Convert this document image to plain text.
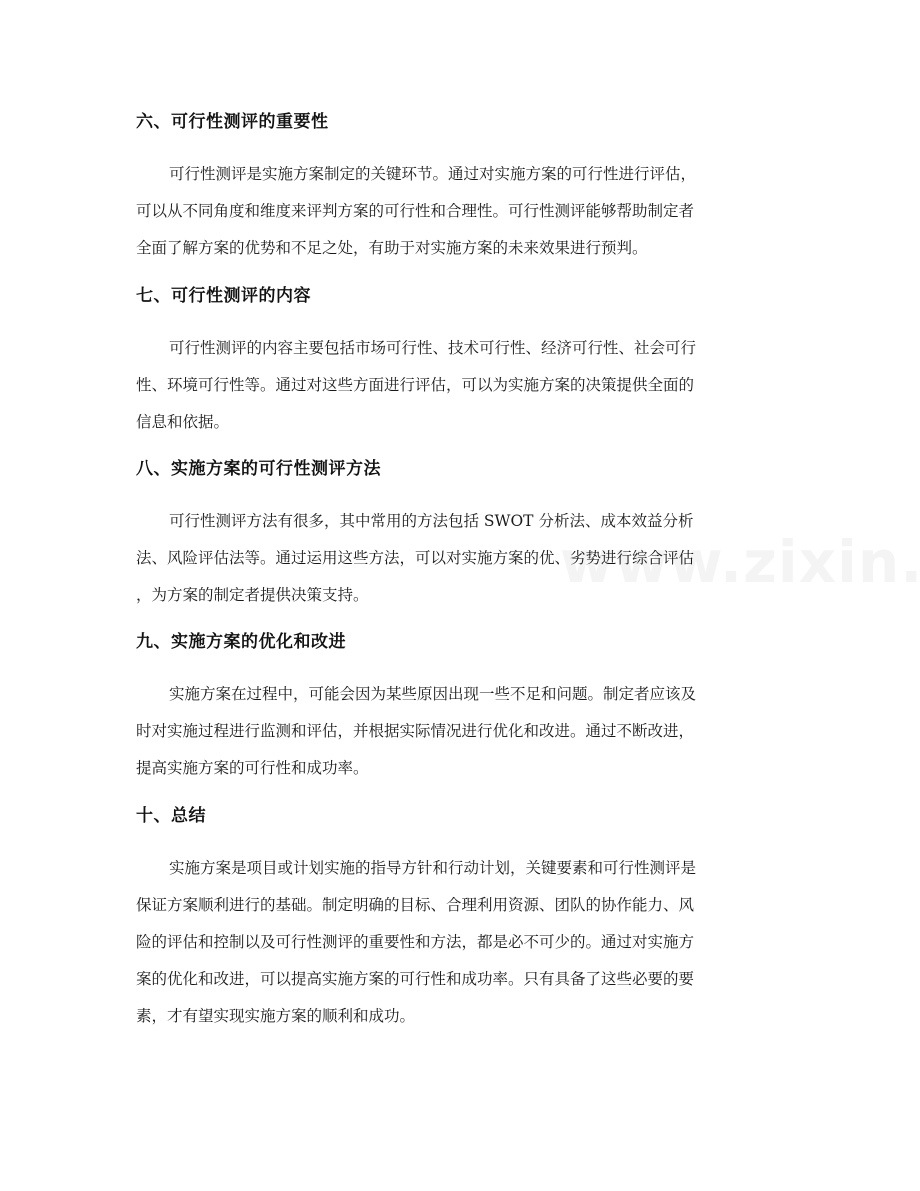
六、可行性测评的重要性
可行性测评是实施方案制定的关键环节。通过对实施方案的可行性进行评估，
可以从不同角度和维度来评判方案的可行性和合理性。可行性测评能够帮助制定者
全面了解方案的优势和不足之处，有助于对实施方案的未来效果进行预判。
七、可行性测评的内容
可行性测评的内容主要包括市场可行性、技术可行性、经济可行性、社会可行
性、环境可行性等。通过对这些方面进行评估，可以为实施方案的决策提供全面的
信息和依据。
八、实施方案的可行性测评方法
可行性测评方法有很多，其中常用的方法包括 SWOT 分析法、成本效益分析
法、风险评估法等。通过运用这些方法，可以对实施方案的优、劣势进行综合评估
，为方案的制定者提供决策支持。
九、实施方案的优化和改进
实施方案在过程中，可能会因为某些原因出现一些不足和问题。制定者应该及
时对实施过程进行监测和评估，并根据实际情况进行优化和改进。通过不断改进，
提高实施方案的可行性和成功率。
十、总结
实施方案是项目或计划实施的指导方针和行动计划，关键要素和可行性测评是
保证方案顺利进行的基础。制定明确的目标、合理利用资源、团队的协作能力、风
险的评估和控制以及可行性测评的重要性和方法，都是必不可少的。通过对实施方
案的优化和改进，可以提高实施方案的可行性和成功率。只有具备了这些必要的要
素，才有望实现实施方案的顺利和成功。
